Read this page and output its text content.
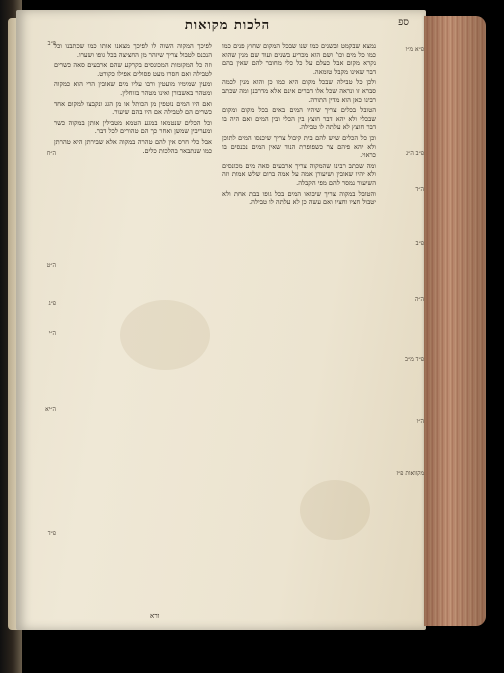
הלכות מקואות	ספ

נמצא שבקמט ובשנים כמו שנו שבכל המקום שחוץ פנים כמו כמו כל מים וכו' ושם הוא מכריע בשנים ועוד שם מנין שהוא נקרא מקום אבל כעלם על כל כלי מחובר להם שאין בהם דבר שאינו מקבל טומאה.

ולכן כל טבילה שבכל מקום היא כמו כן והוא מנין לכמה סברא זו ונראה שכל אלו דברים אינם אלא מדרבנן ומה שכתב רבינו כאן הוא מדין התורה.

הטובל בכלים צריך שיהיו המים באים בכל מקום ומקום שבכלי ולא יהא דבר חוצץ בין הכלי ובין המים ואם היה בו דבר חוצץ לא עלתה לו טבילה.

וכן כל הכלים שיש להם בית קיבול צריך שיכנסו המים לתוכן ולא יהא פיהם צר כשפופרת הנוד שאין המים נכנסים בו כראוי.

ומה שכתב רבינו שהמקוה צריך ארבעים סאה מים מכונסים ולא יהיו שאובין ושיעורן אמה על אמה ברום שלש אמות וזה השיעור נמסר להם מפי הקבלה.

והטובל במקוה צריך שיבואו המים בכל גופו בבת אחת ולא יטבול חציו וחציו ואם עשה כן לא עלתה לו טבילה.

לפיכך המקוה השוה לו לפיכך מצאנו אותו כמו שכתבנו וכל הנכנס לטבול צריך שיזהר מן החציצה בכל גופו ושערו.

וזה כל המקומות המכונסים בקרקע שהם ארבעים סאה כשרים לטבילה ואם חסרו מעט פסולים אפילו כקורט.

ומעין שמימיו מועטין ורבו עליו מים שאובין הרי הוא כמקוה ומטהר באשבורן ואינו מטהר בזוחלין.

ואם היו המים נוטפין מן הכותל או מן הגג ונקבצו למקום אחד כשרים הם לטבילה אם היו בהם שיעור.

וכל הכלים שנטמאו במגע הטמא מטבילין אותן במקוה כשר ומעריבין שמשן ואחר כך הם טהורים לכל דבר.

אבל כלי חרס אין להם טהרה במקוה אלא שבירתן היא טהרתן כמו שנתבאר בהלכות כלים.

פ״א מ״ו
פ״ב ה״ג
ה״ד
פ״ב
ה״ה
פ״ד מ״ב
ה״ו
מקוואות פ״ז
פ״ב
ה״ח
ה״ט
פ״ג
ה״י
ה״יא
פ״ד
ורא
